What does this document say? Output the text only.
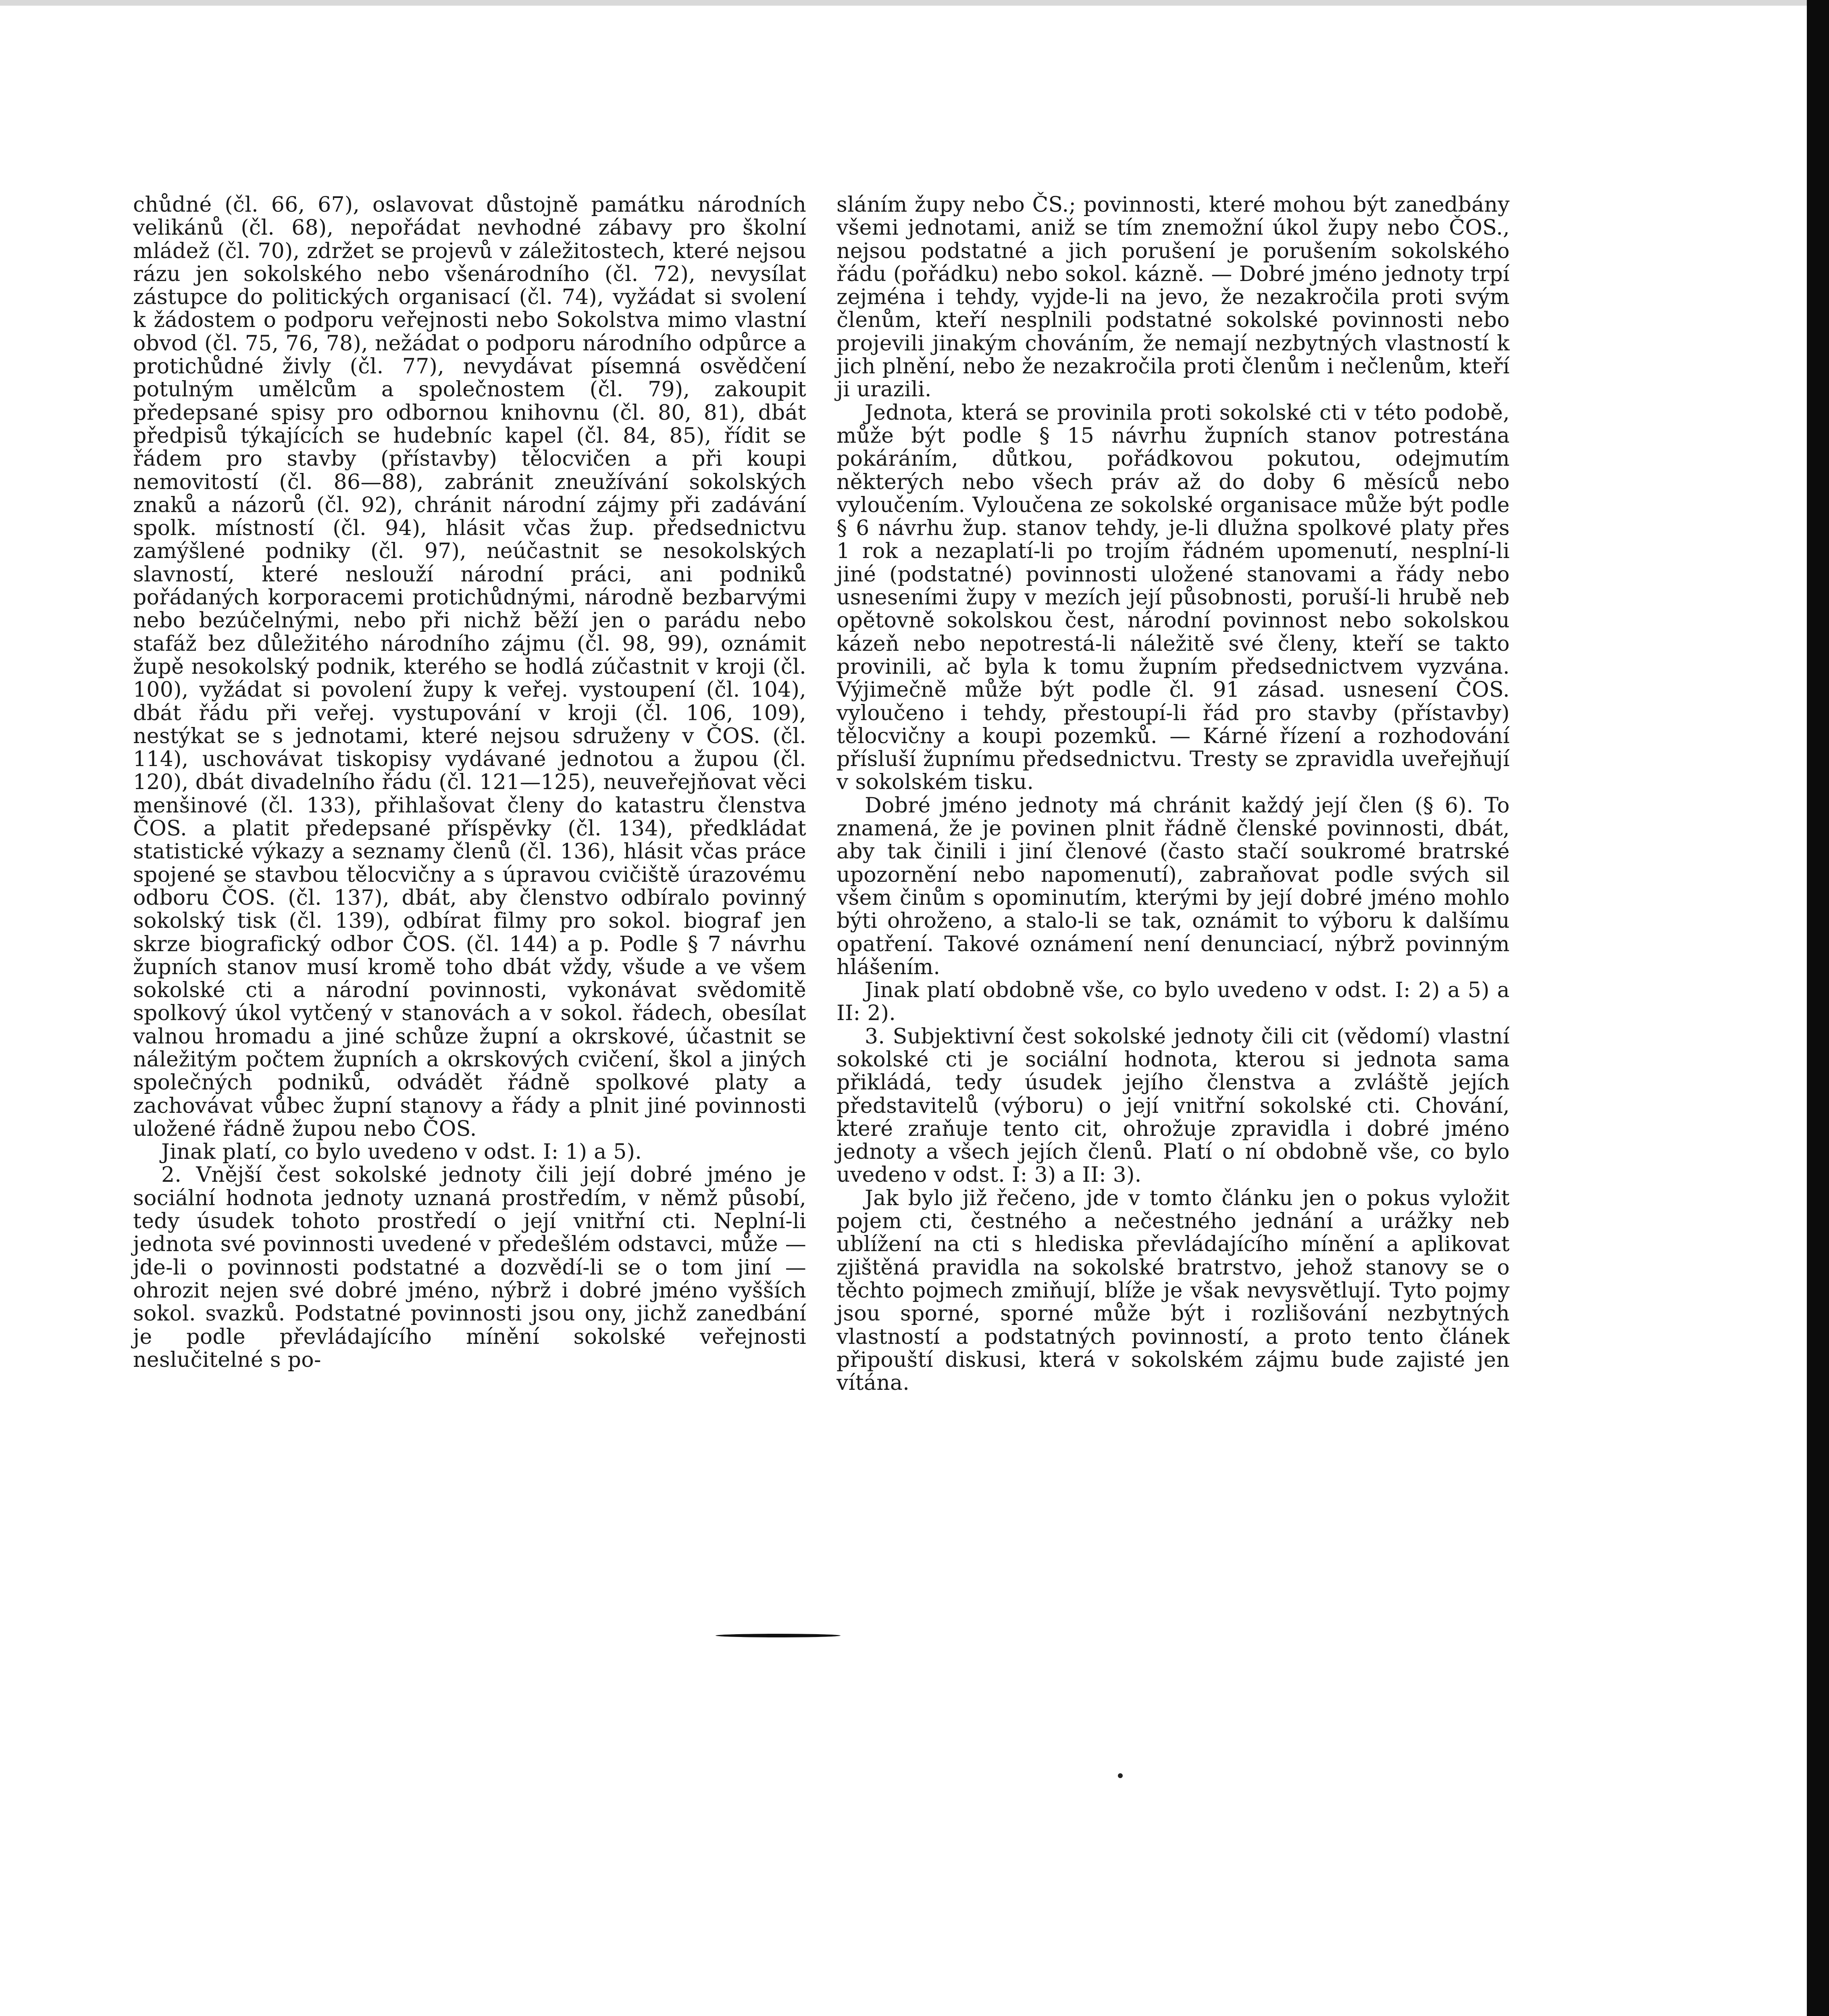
chůdné (čl. 66, 67), oslavovat důstojně památku národních velikánů (čl. 68), nepořádat nevhodné zábavy pro školní mládež (čl. 70), zdržet se projevů v záležitostech, které nejsou rázu jen sokolského nebo všenárodního (čl. 72), nevysílat zástupce do politických organisací (čl. 74), vyžádat si svolení k žádostem o podporu veřejnosti nebo Sokolstva mimo vlastní obvod (čl. 75, 76, 78), nežádat o podporu národního odpůrce a protichůdné živly (čl. 77), nevydávat písemná osvědčení potulným umělcům a společnostem (čl. 79), zakoupit předepsané spisy pro odbornou knihovnu (čl. 80, 81), dbát předpisů týkajících se hudebníc kapel (čl. 84, 85), řídit se řádem pro stavby (přístavby) tělocvičen a při koupi nemovitostí (čl. 86—88), zabránit zneužívání sokolských znaků a názorů (čl. 92), chránit národní zájmy při zadávání spolk. místností (čl. 94), hlásit včas žup. předsednictvu zamýšlené podniky (čl. 97), neúčastnit se nesokolských slavností, které neslouží národní práci, ani podniků pořádaných korporacemi protichůdnými, národně bezbarvými nebo bezúčelnými, nebo při nichž běží jen o parádu nebo stafáž bez důležitého národního zájmu (čl. 98, 99), oznámit župě nesokolský podnik, kterého se hodlá zúčastnit v kroji (čl. 100), vyžádat si povolení župy k veřej. vystoupení (čl. 104), dbát řádu při veřej. vystupování v kroji (čl. 106, 109), nestýkat se s jednotami, které nejsou sdruženy v ČOS. (čl. 114), uschovávat tiskopisy vydávané jednotou a župou (čl. 120), dbát divadelního řádu (čl. 121—125), neuveřejňovat věci menšinové (čl. 133), přihlašovat členy do katastru členstva ČOS. a platit předepsané příspěvky (čl. 134), předkládat statistické výkazy a seznamy členů (čl. 136), hlásit včas práce spojené se stavbou tělocvičny a s úpravou cvičiště úrazovému odboru ČOS. (čl. 137), dbát, aby členstvo odbíralo povinný sokolský tisk (čl. 139), odbírat filmy pro sokol. biograf jen skrze biografický odbor ČOS. (čl. 144) a p. Podle § 7 návrhu župních stanov musí kromě toho dbát vždy, všude a ve všem sokolské cti a národní povinnosti, vykonávat svědomitě spolkový úkol vytčený v stanovách a v sokol. řádech, obesílat valnou hromadu a jiné schůze župní a okrskové, účastnit se náležitým počtem župních a okrskových cvičení, škol a jiných společných podniků, odvádět řádně spolkové platy a zachovávat vůbec župní stanovy a řády a plnit jiné povinnosti uložené řádně župou nebo ČOS.

Jinak platí, co bylo uvedeno v odst. I: 1) a 5).

2. Vnější čest sokolské jednoty čili její dobré jméno je sociální hodnota jednoty uznaná prostředím, v němž působí, tedy úsudek tohoto prostředí o její vnitřní cti. Neplní-li jednota své povinnosti uvedené v předešlém odstavci, může — jde-li o povinnosti podstatné a dozvědí-li se o tom jiní — ohrozit nejen své dobré jméno, nýbrž i dobré jméno vyšších sokol. svazků. Podstatné povinnosti jsou ony, jichž zanedbání je podle převládajícího mínění sokolské veřejnosti neslučitelné s po-

sláním župy nebo ČS.; povinnosti, které mohou být zanedbány všemi jednotami, aniž se tím znemožní úkol župy nebo ČOS., nejsou podstatné a jich porušení je porušením sokolského řádu (pořádku) nebo sokol. kázně. — Dobré jméno jednoty trpí zejména i tehdy, vyjde-li na jevo, že nezakročila proti svým členům, kteří nesplnili podstatné sokolské povinnosti nebo projevili jinakým chováním, že nemají nezbytných vlastností k jich plnění, nebo že nezakročila proti členům i nečlenům, kteří ji urazili.

Jednota, která se provinila proti sokolské cti v této podobě, může být podle § 15 návrhu župních stanov potrestána pokáráním, důtkou, pořádkovou pokutou, odejmutím některých nebo všech práv až do doby 6 měsíců nebo vyloučením. Vyloučena ze sokolské organisace může být podle § 6 návrhu žup. stanov tehdy, je-li dlužna spolkové platy přes 1 rok a nezaplatí-li po trojím řádném upomenutí, nesplní-li jiné (podstatné) povinnosti uložené stanovami a řády nebo usneseními župy v mezích její působnosti, poruší-li hrubě neb opětovně sokolskou čest, národní povinnost nebo sokolskou kázeň nebo nepotrestá-li náležitě své členy, kteří se takto provinili, ač byla k tomu župním předsednictvem vyzvána. Výjimečně může být podle čl. 91 zásad. usnesení ČOS. vyloučeno i tehdy, přestoupí-li řád pro stavby (přístavby) tělocvičny a koupi pozemků. — Kárné řízení a rozhodování přísluší župnímu předsednictvu. Tresty se zpravidla uveřejňují v sokolském tisku.

Dobré jméno jednoty má chránit každý její člen (§ 6). To znamená, že je povinen plnit řádně členské povinnosti, dbát, aby tak činili i jiní členové (často stačí soukromé bratrské upozornění nebo napomenutí), zabraňovat podle svých sil všem činům s opominutím, kterými by její dobré jméno mohlo býti ohroženo, a stalo-li se tak, oznámit to výboru k dalšímu opatření. Takové oznámení není denunciací, nýbrž povinným hlášením.

Jinak platí obdobně vše, co bylo uvedeno v odst. I: 2) a 5) a II: 2).

3. Subjektivní čest sokolské jednoty čili cit (vědomí) vlastní sokolské cti je sociální hodnota, kterou si jednota sama přikládá, tedy úsudek jejího členstva a zvláště jejích představitelů (výboru) o její vnitřní sokolské cti. Chování, které zraňuje tento cit, ohrožuje zpravidla i dobré jméno jednoty a všech jejích členů. Platí o ní obdobně vše, co bylo uvedeno v odst. I: 3) a II: 3).

Jak bylo již řečeno, jde v tomto článku jen o pokus vyložit pojem cti, čestného a nečestného jednání a urážky neb ublížení na cti s hlediska převládajícího mínění a aplikovat zjištěná pravidla na sokolské bratrstvo, jehož stanovy se o těchto pojmech zmiňují, blíže je však nevysvětlují. Tyto pojmy jsou sporné, sporné může být i rozlišování nezbytných vlastností a podstatných povinností, a proto tento článek připouští diskusi, která v sokolském zájmu bude zajisté jen vítána.
